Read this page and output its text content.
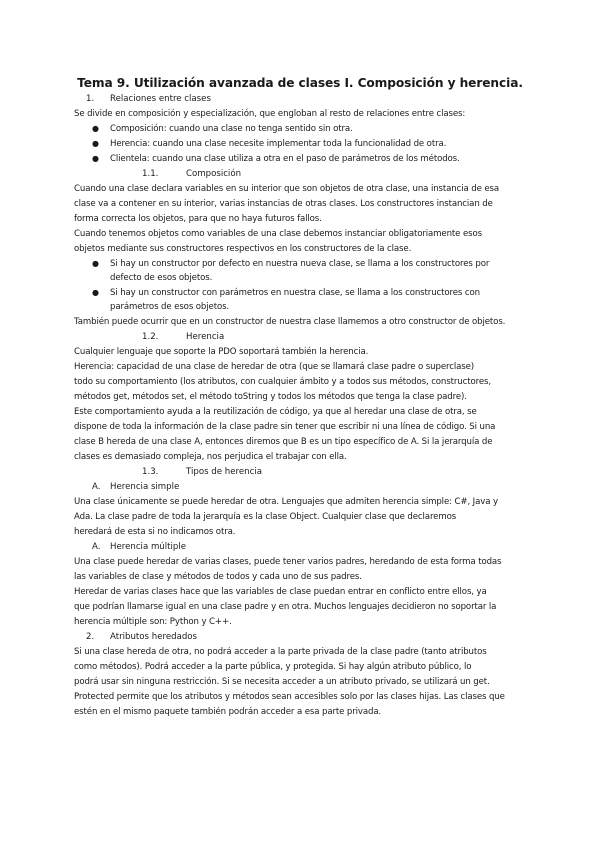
Tema 9. Utilización avanzada de clases I. Composición y herencia.
1. Relaciones entre clases
Se divide en composición y especialización, que engloban al resto de relaciones entre clases:
● Composición: cuando una clase no tenga sentido sin otra.
● Herencia: cuando una clase necesite implementar toda la funcionalidad de otra.
● Clientela: cuando una clase utiliza a otra en el paso de parámetros de los métodos.
1.1.	Composición
Cuando una clase declara variables en su interior que son objetos de otra clase, una instancia de esa
clase va a contener en su interior, varias instancias de otras clases. Los constructores instancian de
forma correcta los objetos, para que no haya futuros fallos.
Cuando tenemos objetos como variables de una clase debemos instanciar obligatoriamente esos
objetos mediante sus constructores respectivos en los constructores de la clase.
● Si hay un constructor por defecto en nuestra nueva clase, se llama a los constructores por
defecto de esos objetos.
● Si hay un constructor con parámetros en nuestra clase, se llama a los constructores con
parámetros de esos objetos.
También puede ocurrir que en un constructor de nuestra clase llamemos a otro constructor de objetos.
1.2.	Herencia
Cualquier lenguaje que soporte la PDO soportará también la herencia.
Herencia: capacidad de una clase de heredar de otra (que se llamará clase padre o superclase)
todo su comportamiento (los atributos, con cualquier ámbito y a todos sus métodos, constructores,
métodos get, métodos set, el método toString y todos los métodos que tenga la clase padre).
Este comportamiento ayuda a la reutilización de código, ya que al heredar una clase de otra, se
dispone de toda la información de la clase padre sin tener que escribir ni una línea de código. Si una
clase B hereda de una clase A, entonces diremos que B es un tipo específico de A. Si la jerarquía de
clases es demasiado compleja, nos perjudica el trabajar con ella.
1.3.	Tipos de herencia
A. Herencia simple
Una clase únicamente se puede heredar de otra. Lenguajes que admiten herencia simple: C#, Java y
Ada. La clase padre de toda la jerarquía es la clase Object. Cualquier clase que declaremos
heredará de esta si no indicamos otra.
A. Herencia múltiple
Una clase puede heredar de varias clases, puede tener varios padres, heredando de esta forma todas
las variables de clase y métodos de todos y cada uno de sus padres.
Heredar de varias clases hace que las variables de clase puedan entrar en conflicto entre ellos, ya
que podrían llamarse igual en una clase padre y en otra. Muchos lenguajes decidieron no soportar la
herencia múltiple son: Python y C++.
2. Atributos heredados
Si una clase hereda de otra, no podrá acceder a la parte privada de la clase padre (tanto atributos
como métodos). Podrá acceder a la parte pública, y protegida. Si hay algún atributo público, lo
podrá usar sin ninguna restricción. Si se necesita acceder a un atributo privado, se utilizará un get.
Protected permite que los atributos y métodos sean accesibles solo por las clases hijas. Las clases que
estén en el mismo paquete también podrán acceder a esa parte privada.
